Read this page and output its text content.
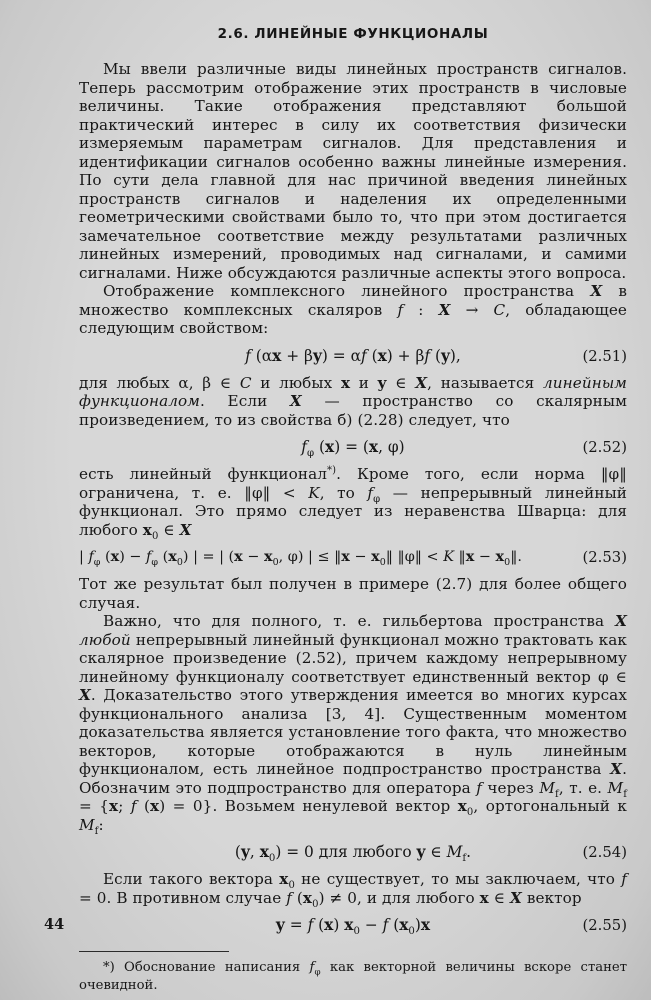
2.6. ЛИНЕЙНЫЕ ФУНКЦИОНАЛЫ

Мы ввели различные виды линейных пространств сигналов. Теперь рассмотрим отображение этих пространств в числовые величины. Такие отображения представляют большой практический интерес в силу их соответствия физически измеряемым параметрам сигналов. Для представления и идентификации сигналов особенно важны линейные измерения. По сути дела главной для нас причиной введения линейных пространств сигналов и наделения их определенными геометрическими свойствами было то, что при этом достигается замечательное соответствие между результатами различных линейных измерений, проводимых над сигналами, и самими сигналами. Ниже обсуждаются различные аспекты этого вопроса.

Отображение комплексного линейного пространства X в множество комплексных скаляров f : X → C, обладающее следующим свойством:

f (αx + βy) = αf (x) + βf (y),	(2.51)

для любых α, β ∈ C и любых x и y ∈ X, называется линейным функционалом. Если X — пространство со скалярным произведением, то из свойства б) (2.28) следует, что

$f_\varphi$ (x) = (x, φ)	(2.52)

есть линейный функционал*). Кроме того, если норма ‖φ‖ ограничена, т. е. ‖φ‖ < K, то $f_\varphi$ — непрерывный линейный функционал. Это прямо следует из неравенства Шварца: для любого $x_0$ ∈ X

| $f_\varphi$ $(x) - f_\varphi$ $(x_0)$ | = | ($x - x_0$, φ) | ≤ ‖x − $x_0‖$ ‖φ‖ < K ‖x − $x_0‖$.	(2.53)

Тот же результат был получен в примере (2.7) для более общего случая.

Важно, что для полного, т. е. гильбертова пространства X любой непрерывный линейный функционал можно трактовать как скалярное произведение (2.52), причем каждому непрерывному линейному функционалу соответствует единственный вектор φ ∈ X. Доказательство этого утверждения имеется во многих курсах функционального анализа [3, 4]. Существенным моментом доказательства является установление того факта, что множество векторов, которые отображаются в нуль линейным функционалом, есть линейное подпространство пространства X. Обозначим это подпространство для оператора f через $M_f$, т. е. $M_f = \{x$; f (x) = 0}. Возьмем ненулевой вектор $x_0$, ортогональный к $M_f$:

(y, $x_0) = 0$ для любого y ∈ $M_f$.	(2.54)

Если такого вектора $x_0$ не существует, то мы заключаем, что f = 0. В противном случае f $(x_0) \ne 0$, и для любого x ∈ X вектор

y = f (x) $x_0 - f$ $(x_0)x$	(2.55)

*) Обоснование написания $f_\varphi$ как векторной величины вскоре станет очевидной.

44
